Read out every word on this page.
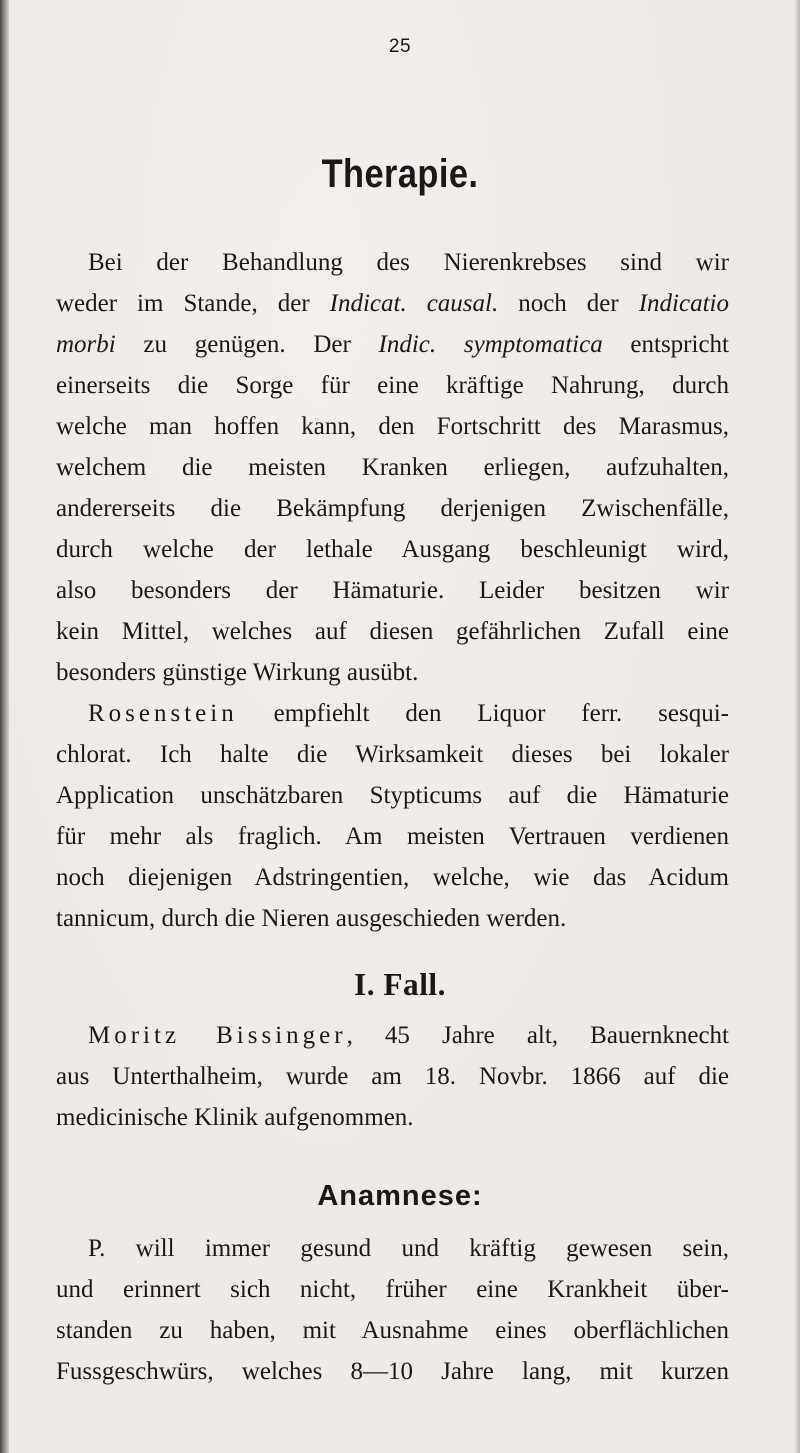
25
Therapie.
Bei der Behandlung des Nierenkrebses sind wir
weder im Stande, der Indicat. causal. noch der Indicatio
morbi zu genügen. Der Indic. symptomatica entspricht
einerseits die Sorge für eine kräftige Nahrung, durch
welche man hoffen kann, den Fortschritt des Marasmus,
welchem die meisten Kranken erliegen, aufzuhalten,
andererseits die Bekämpfung derjenigen Zwischenfälle,
durch welche der lethale Ausgang beschleunigt wird,
also besonders der Hämaturie. Leider besitzen wir
kein Mittel, welches auf diesen gefährlichen Zufall eine
besonders günstige Wirkung ausübt.
Rosenstein empfiehlt den Liquor ferr. sesqui-
chlorat. Ich halte die Wirksamkeit dieses bei lokaler
Application unschätzbaren Stypticums auf die Hämaturie
für mehr als fraglich. Am meisten Vertrauen verdienen
noch diejenigen Adstringentien, welche, wie das Acidum
tannicum, durch die Nieren ausgeschieden werden.
I. Fall.
Moritz Bissinger, 45 Jahre alt, Bauernknecht
aus Unterthalheim, wurde am 18. Novbr. 1866 auf die
medicinische Klinik aufgenommen.
Anamnese:
P. will immer gesund und kräftig gewesen sein,
und erinnert sich nicht, früher eine Krankheit über-
standen zu haben, mit Ausnahme eines oberflächlichen
Fussgeschwürs, welches 8—10 Jahre lang, mit kurzen
